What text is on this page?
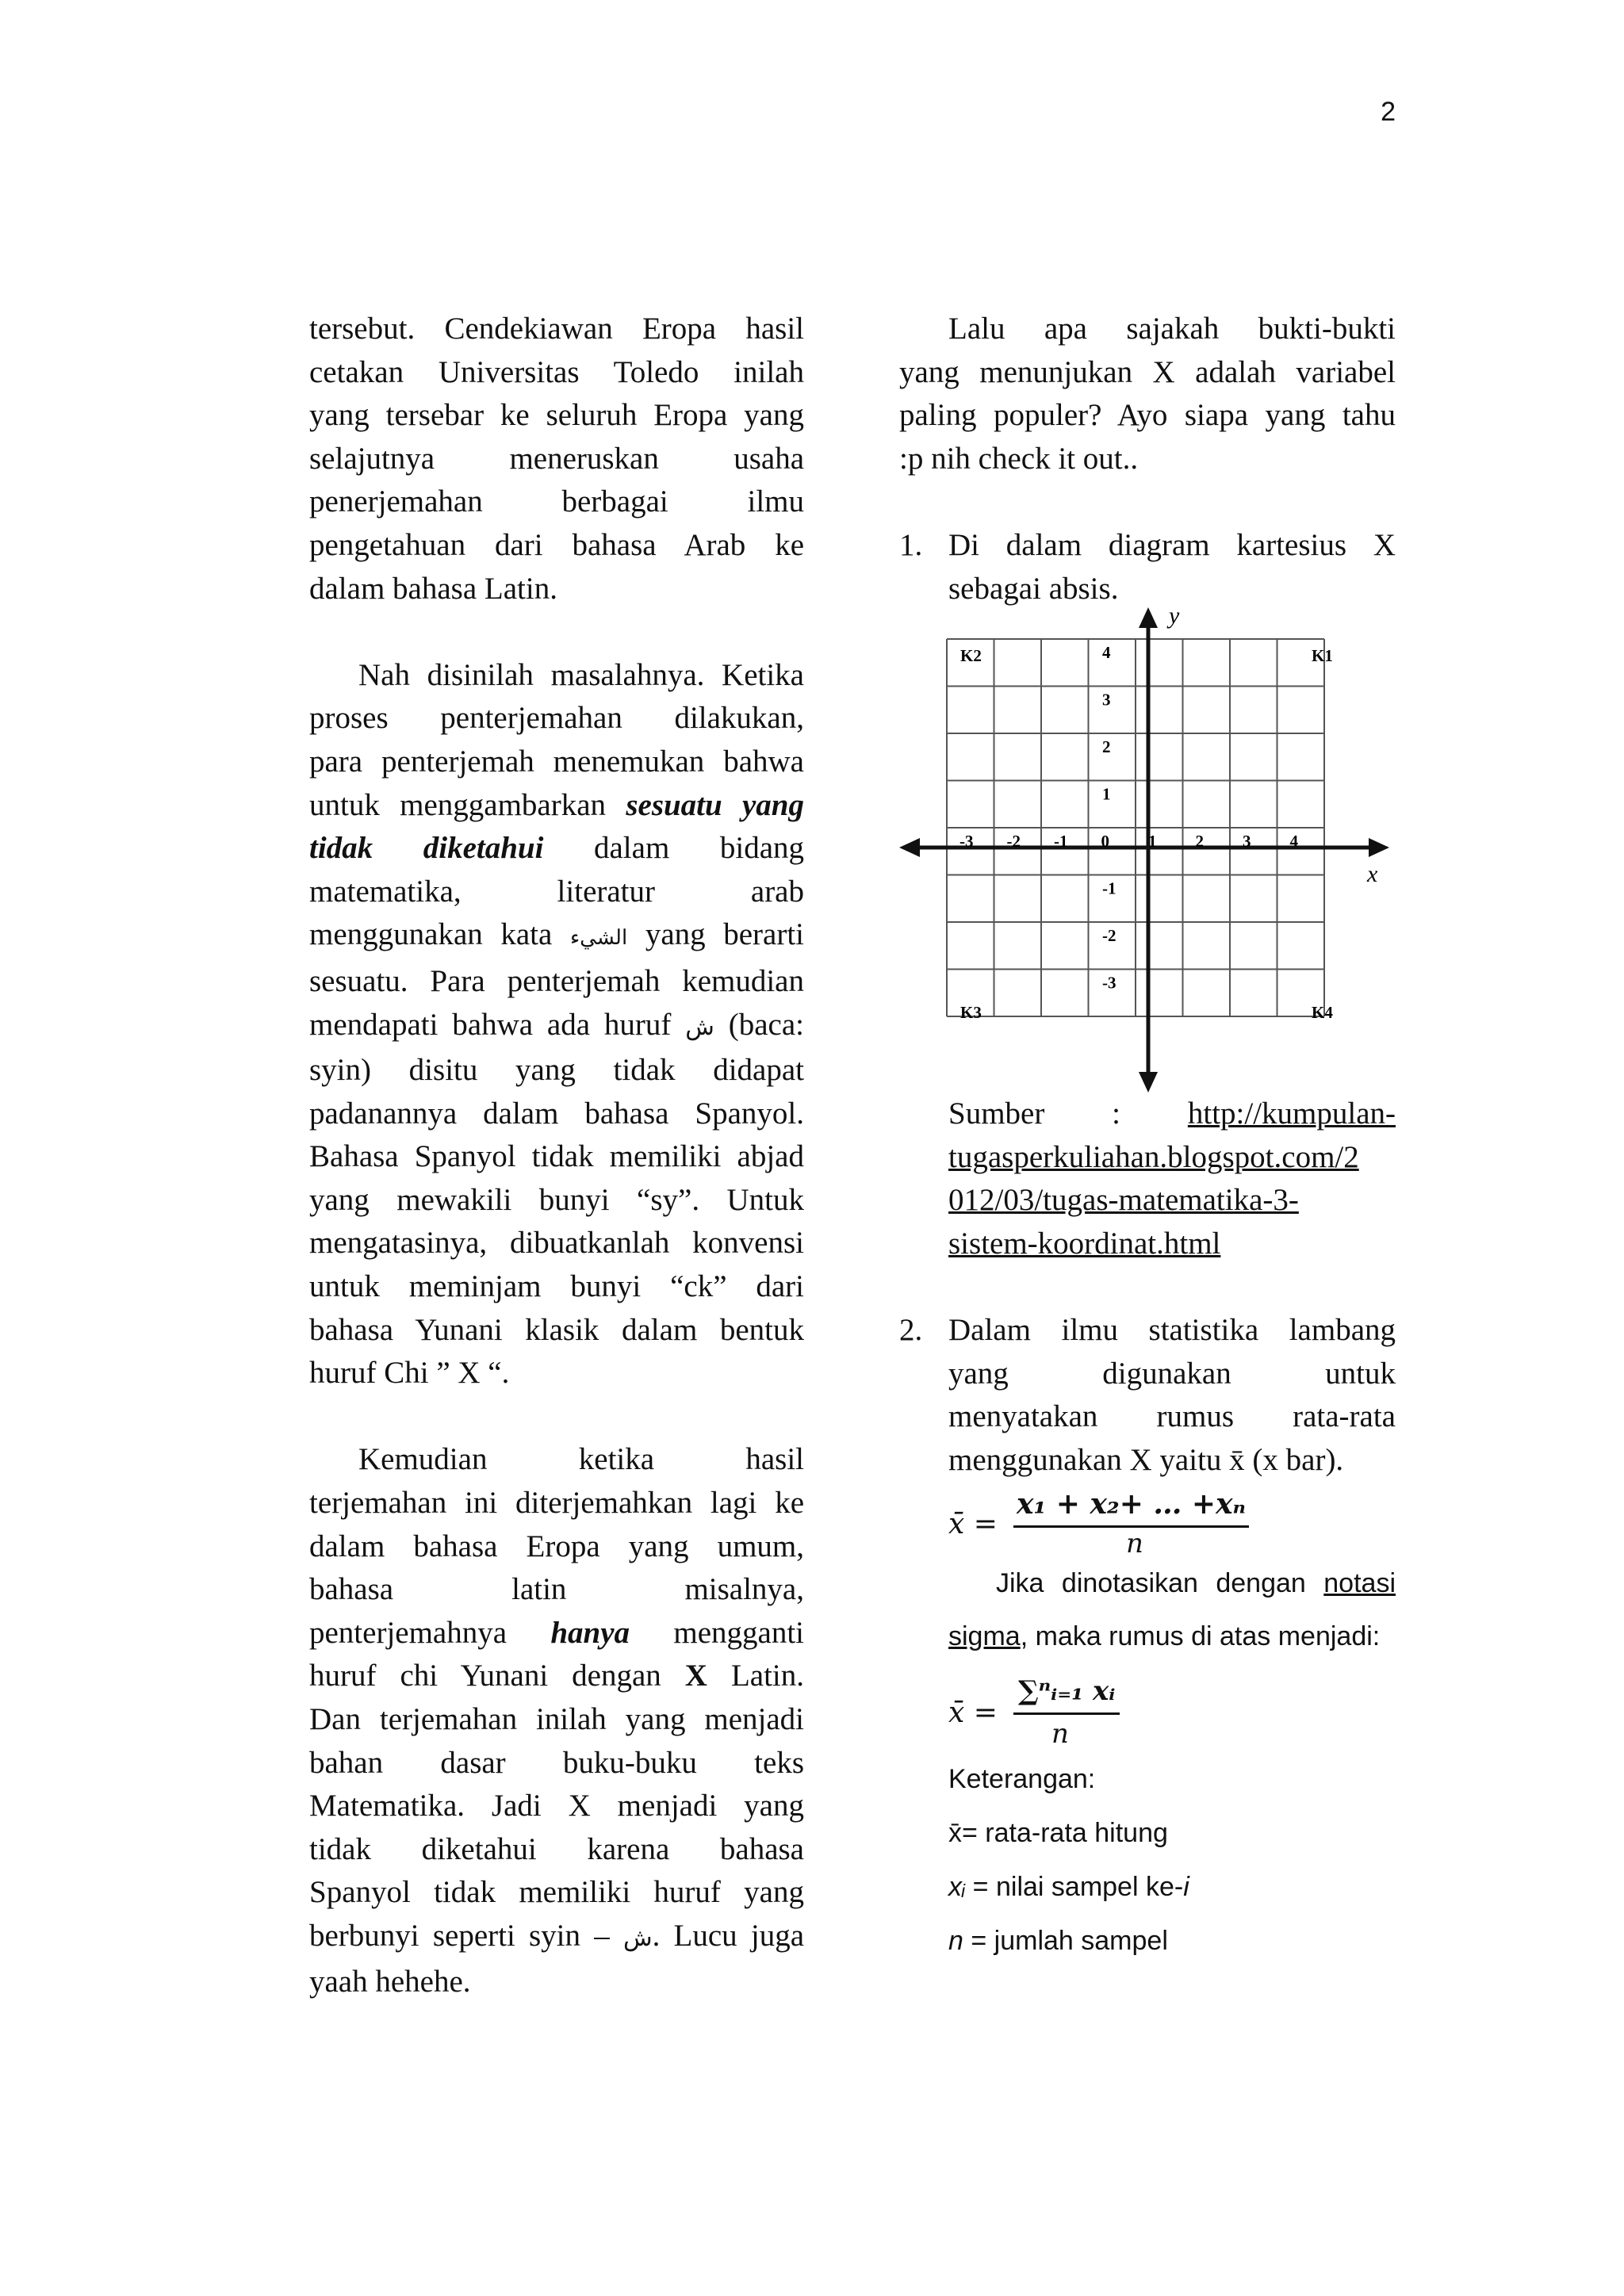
2

tersebut. Cendekiawan Eropa hasil

cetakan Universitas Toledo inilah

yang tersebar ke seluruh Eropa yang

selajutnya meneruskan usaha

penerjemahan berbagai ilmu

pengetahuan dari bahasa Arab ke

dalam bahasa Latin.

Nah disinilah masalahnya. Ketika

proses penterjemahan dilakukan,

para penterjemah menemukan bahwa

untuk menggambarkan sesuatu yang

tidak diketahui dalam bidang

matematika, literatur arab

menggunakan kata الشيء yang berarti

sesuatu. Para penterjemah kemudian

mendapati bahwa ada huruf ش (baca:

syin) disitu yang tidak didapat

padanannya dalam bahasa Spanyol.

Bahasa Spanyol tidak memiliki abjad

yang mewakili bunyi “sy”. Untuk

mengatasinya, dibuatkanlah konvensi

untuk meminjam bunyi “ck” dari

bahasa Yunani klasik dalam bentuk

huruf Chi ” X “.

Kemudian ketika hasil

terjemahan ini diterjemahkan lagi ke

dalam bahasa Eropa yang umum,

bahasa latin misalnya,

penterjemahnya hanya mengganti

huruf chi Yunani dengan X Latin.

Dan terjemahan inilah yang menjadi

bahan dasar buku-buku teks

Matematika. Jadi X menjadi yang

tidak diketahui karena bahasa

Spanyol tidak memiliki huruf yang

berbunyi seperti syin – ش. Lucu juga

yaah hehehe.

Lalu apa sajakah bukti-bukti

yang menunjukan X adalah variabel

paling populer? Ayo siapa yang tahu

:p nih check it out..

1. Di dalam diagram kartesius X

sebagai absis.

y
x
-3 -2 -1 0 1 2 3 4
4
3
2
1
-1
-2
-3
K2	K1
K3	K4

Sumber : http://kumpulan-

tugasperkuliahan.blogspot.com/2

012/03/tugas-matematika-3-

sistem-koordinat.html

2. Dalam ilmu statistika lambang

yang digunakan untuk

menyatakan rumus rata-rata

menggunakan X yaitu x̄ (x bar).

x̄ =
x₁ + x₂+ … +xₙ
n

Jika dinotasikan dengan notasi

sigma, maka rumus di atas menjadi:

x̄ =
∑ⁿᵢ₌₁ xᵢ
n
Keterangan:
x̄= rata-rata hitung
xᵢ = nilai sampel ke-i
n = jumlah sampel
